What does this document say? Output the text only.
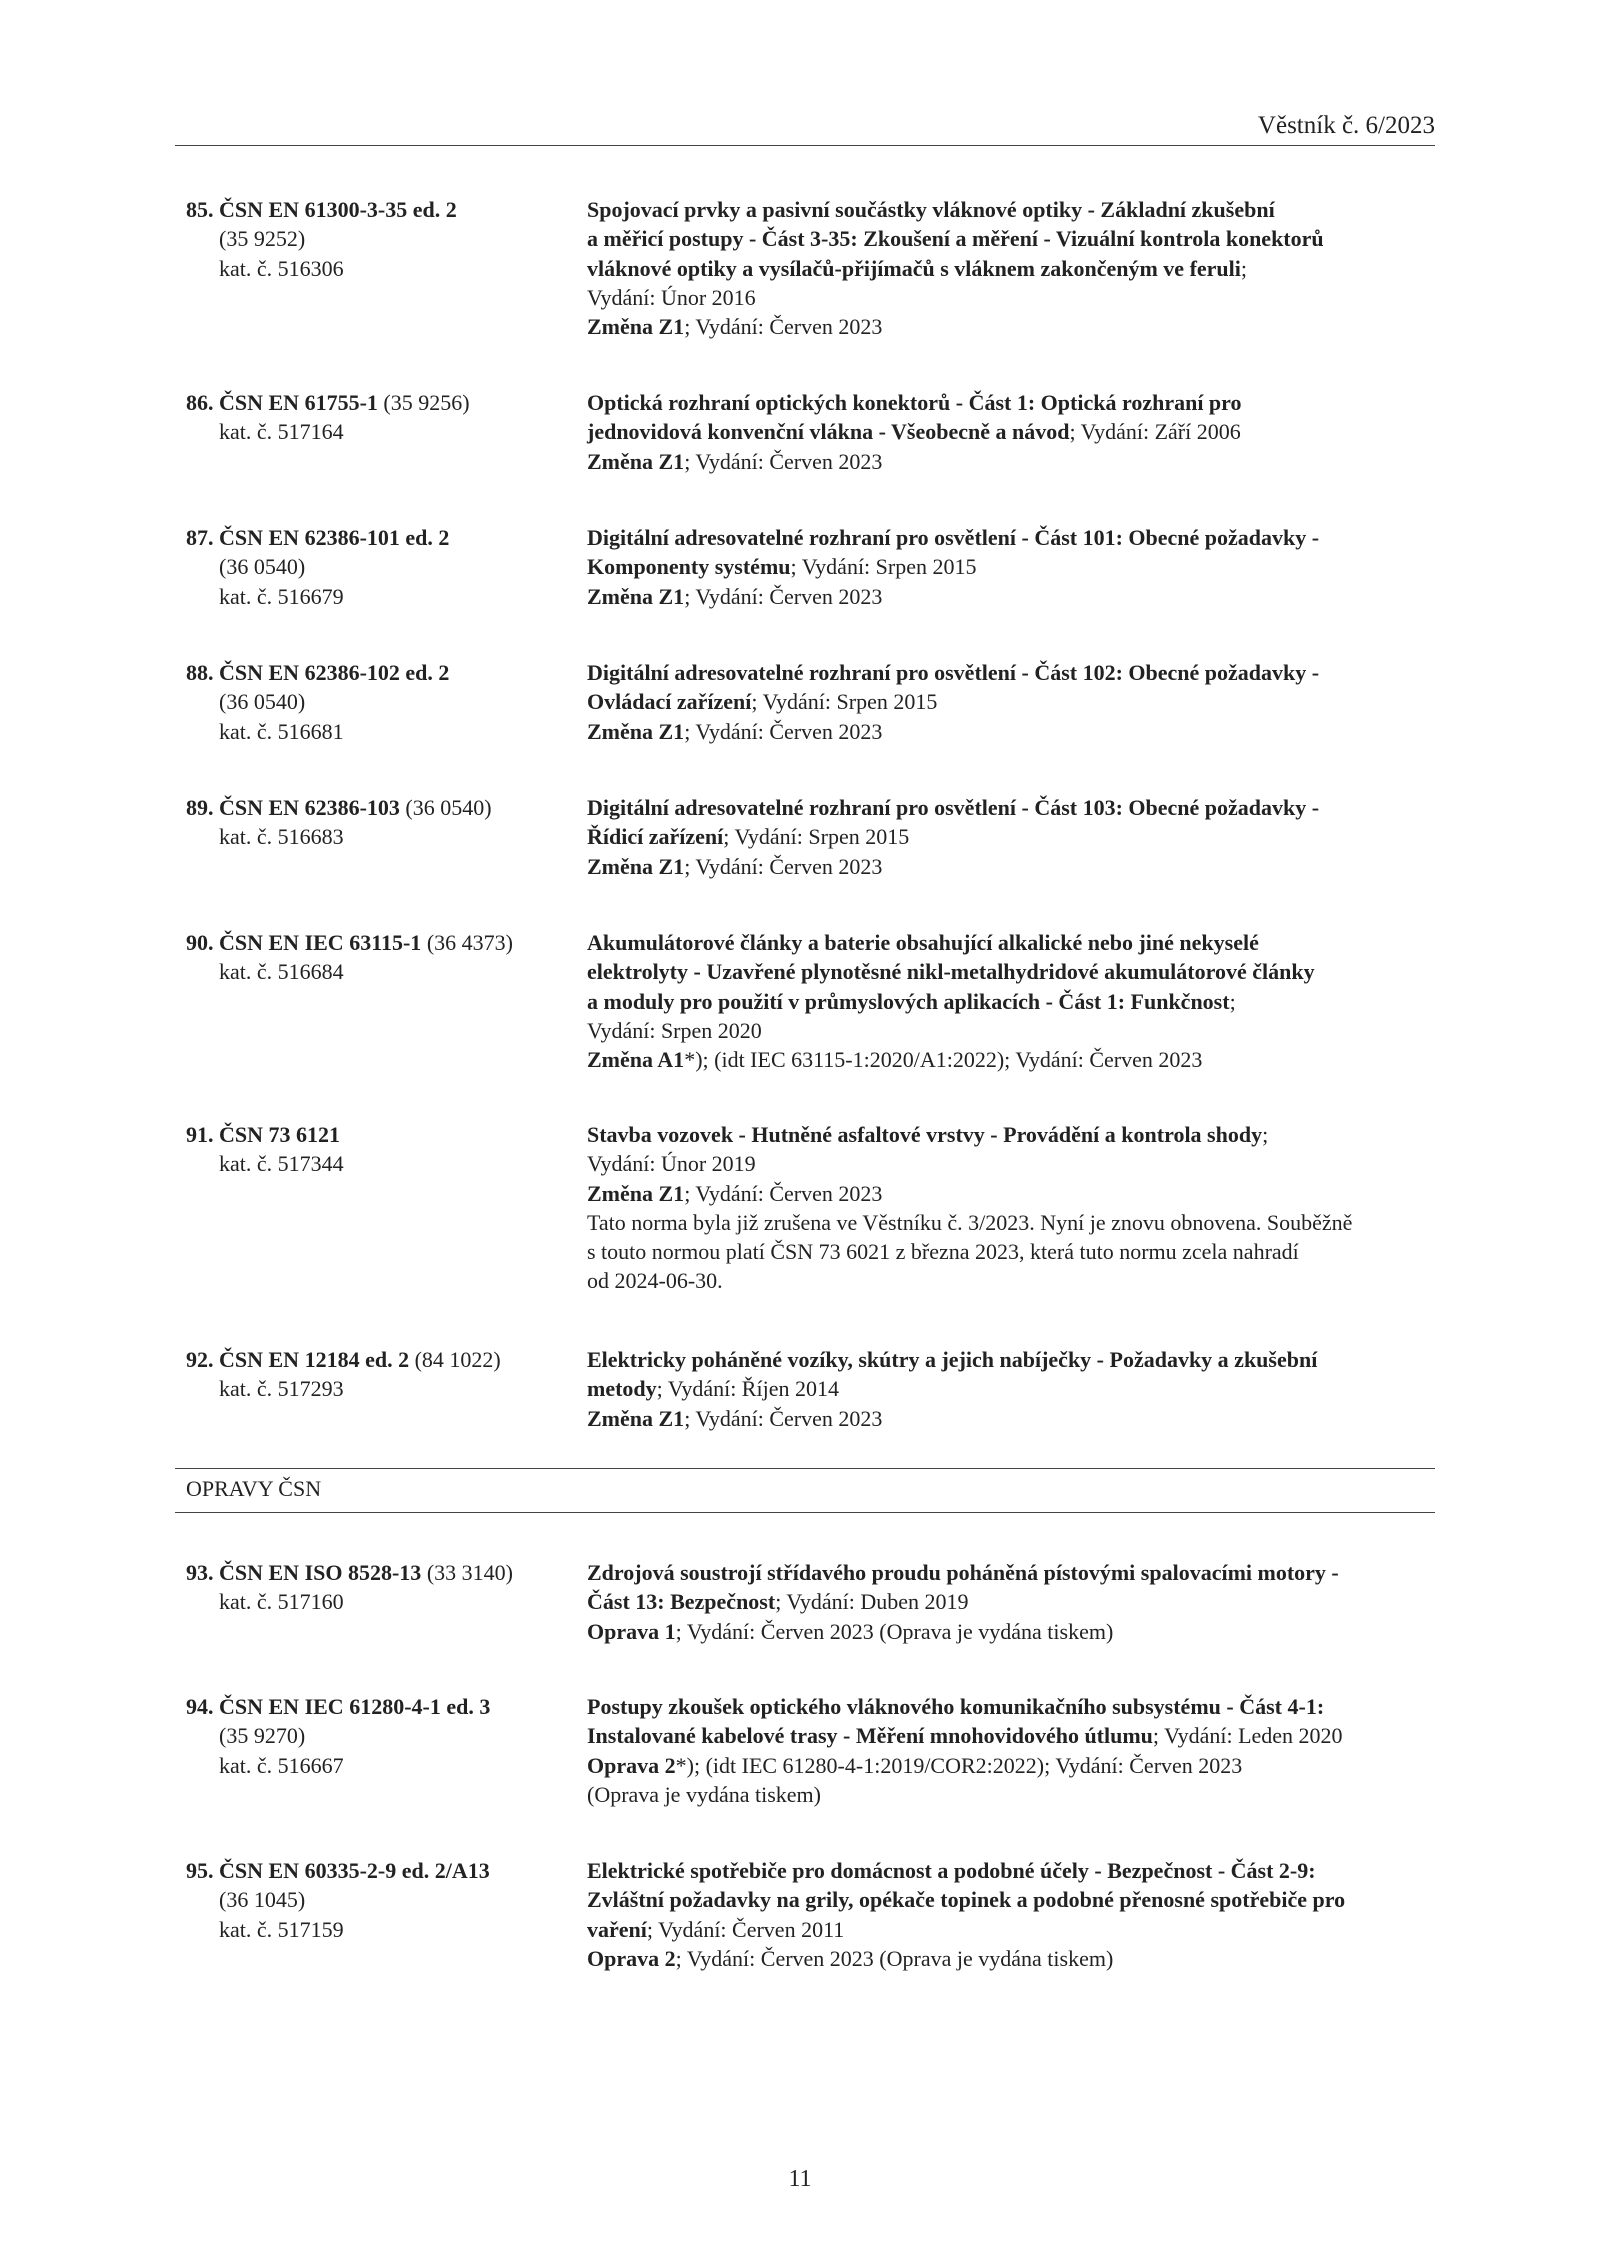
Věstník č. 6/2023
85. ČSN EN 61300-3-35 ed. 2
(35 9252)
kat. č. 516306
Spojovací prvky a pasivní součástky vláknové optiky - Základní zkušební
a měřicí postupy - Část 3-35: Zkoušení a měření - Vizuální kontrola konektorů
vláknové optiky a vysílačů-přijímačů s vláknem zakončeným ve feruli;
Vydání: Únor 2016
Změna Z1; Vydání: Červen 2023
86. ČSN EN 61755-1 (35 9256)
kat. č. 517164
Optická rozhraní optických konektorů - Část 1: Optická rozhraní pro
jednovidová konvenční vlákna - Všeobecně a návod; Vydání: Září 2006
Změna Z1; Vydání: Červen 2023
87. ČSN EN 62386-101 ed. 2
(36 0540)
kat. č. 516679
Digitální adresovatelné rozhraní pro osvětlení - Část 101: Obecné požadavky -
Komponenty systému; Vydání: Srpen 2015
Změna Z1; Vydání: Červen 2023
88. ČSN EN 62386-102 ed. 2
(36 0540)
kat. č. 516681
Digitální adresovatelné rozhraní pro osvětlení - Část 102: Obecné požadavky -
Ovládací zařízení; Vydání: Srpen 2015
Změna Z1; Vydání: Červen 2023
89. ČSN EN 62386-103 (36 0540)
kat. č. 516683
Digitální adresovatelné rozhraní pro osvětlení - Část 103: Obecné požadavky -
Řídicí zařízení; Vydání: Srpen 2015
Změna Z1; Vydání: Červen 2023
90. ČSN EN IEC 63115-1 (36 4373)
kat. č. 516684
Akumulátorové články a baterie obsahující alkalické nebo jiné nekyselé
elektrolyty - Uzavřené plynotěsné nikl-metalhydridové akumulátorové články
a moduly pro použití v průmyslových aplikacích - Část 1: Funkčnost;
Vydání: Srpen 2020
Změna A1*); (idt IEC 63115-1:2020/A1:2022); Vydání: Červen 2023
91. ČSN 73 6121
kat. č. 517344
Stavba vozovek - Hutněné asfaltové vrstvy - Provádění a kontrola shody;
Vydání: Únor 2019
Změna Z1; Vydání: Červen 2023
Tato norma byla již zrušena ve Věstníku č. 3/2023. Nyní je znovu obnovena. Souběžně
s touto normou platí ČSN 73 6021 z března 2023, která tuto normu zcela nahradí
od 2024-06-30.
92. ČSN EN 12184 ed. 2 (84 1022)
kat. č. 517293
Elektricky poháněné vozíky, skútry a jejich nabíječky - Požadavky a zkušební
metody; Vydání: Říjen 2014
Změna Z1; Vydání: Červen 2023
93. ČSN EN ISO 8528-13 (33 3140)
kat. č. 517160
Zdrojová soustrojí střídavého proudu poháněná pístovými spalovacími motory -
Část 13: Bezpečnost; Vydání: Duben 2019
Oprava 1; Vydání: Červen 2023 (Oprava je vydána tiskem)
94. ČSN EN IEC 61280-4-1 ed. 3
(35 9270)
kat. č. 516667
Postupy zkoušek optického vláknového komunikačního subsystému - Část 4-1:
Instalované kabelové trasy - Měření mnohovidového útlumu; Vydání: Leden 2020
Oprava 2*); (idt IEC 61280-4-1:2019/COR2:2022); Vydání: Červen 2023
(Oprava je vydána tiskem)
95. ČSN EN 60335-2-9 ed. 2/A13
(36 1045)
kat. č. 517159
Elektrické spotřebiče pro domácnost a podobné účely - Bezpečnost - Část 2-9:
Zvláštní požadavky na grily, opékače topinek a podobné přenosné spotřebiče pro
vaření; Vydání: Červen 2011
Oprava 2; Vydání: Červen 2023 (Oprava je vydána tiskem)
OPRAVY ČSN
11
